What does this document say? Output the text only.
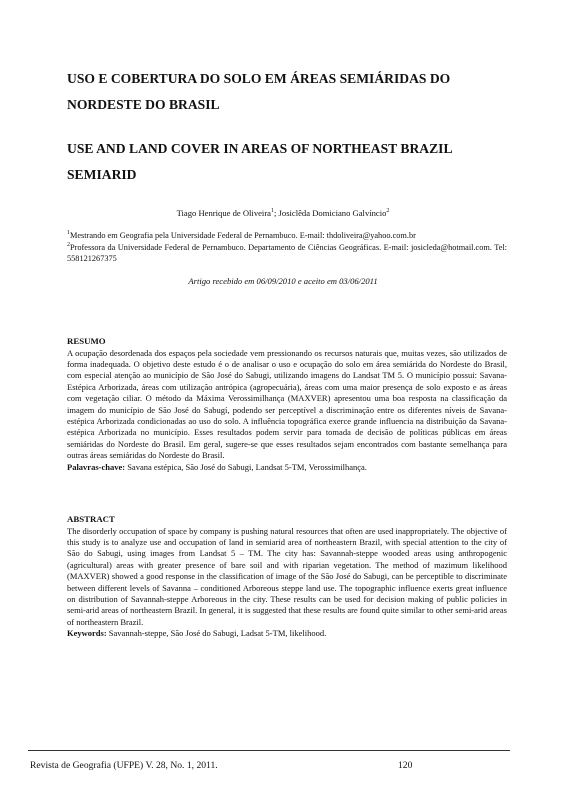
USO E COBERTURA DO SOLO EM ÁREAS SEMIÁRIDAS DO NORDESTE DO BRASIL
USE AND LAND COVER IN AREAS OF NORTHEAST BRAZIL SEMIARID
Tiago Henrique de Oliveira$^1$; Josiclêda Domiciano Galvíncio$^2$

$^1$Mestrando em Geografia pela Universidade Federal de Pernambuco. E-mail: thdoliveira@yahoo.com.br

$^2$Professora da Universidade Federal de Pernambuco. Departamento de Ciências Geográficas. E-mail: josicleda@hotmail.com. Tel: 558121267375

Artigo recebido em 06/09/2010 e aceito em 03/06/2011

RESUMO

A ocupação desordenada dos espaços pela sociedade vem pressionando os recursos naturais que, muitas vezes, são utilizados de forma inadequada. O objetivo deste estudo é o de analisar o uso e ocupação do solo em área semiárida do Nordeste do Brasil, com especial atenção ao município de São José do Sabugi, utilizando imagens do Landsat TM 5. O município possui: Savana-Estépica Arborizada, áreas com utilização antrópica (agropecuária), áreas com uma maior presença de solo exposto e as áreas com vegetação ciliar. O método da Máxima Verossimilhança (MAXVER) apresentou uma boa resposta na classificação da imagem do município de São José do Sabugí, podendo ser perceptível a discriminação entre os diferentes níveis de Savana-estépica Arborizada condicionadas ao uso do solo. A influência topográfica exerce grande influencia na distribuição da Savana-estépica Arborizada no município. Esses resultados podem servir para tomada de decisão de políticas públicas em áreas semiáridas do Nordeste do Brasil. Em geral, sugere-se que esses resultados sejam encontrados com bastante semelhança para outras áreas semiáridas do Nordeste do Brasil.

Palavras-chave: Savana estépica, São José do Sabugi, Landsat 5-TM, Verossimilhança.

ABSTRACT

The disorderly occupation of space by company is pushing natural resources that often are used inappropriately. The objective of this study is to analyze use and occupation of land in semiarid area of northeastern Brazil, with special attention to the city of São do Sabugi, using images from Landsat 5 – TM. The city has: Savannah-steppe wooded areas using anthropogenic (agricultural) areas with greater presence of bare soil and with riparian vegetation. The method of mazimum likelihood (MAXVER) showed a good response in the classification of image of the São José do Sabugi, can be perceptible to discriminate between different levels of Savanna – conditioned Arboreous steppe land use. The topographic influence exerts great influence on distribution of Savannah-steppe Arboreous in the city. These results can be used for decision making of public policies in semi-arid areas of northeastern Brazil. In general, it is suggested that these results are found quite similar to other semi-arid areas of northeastern Brazil.

Keywords: Savannah-steppe, São José do Sabugi, Ladsat 5-TM, likelihood.

Revista de Geografia (UFPE) V. 28, No. 1, 2011.	120
